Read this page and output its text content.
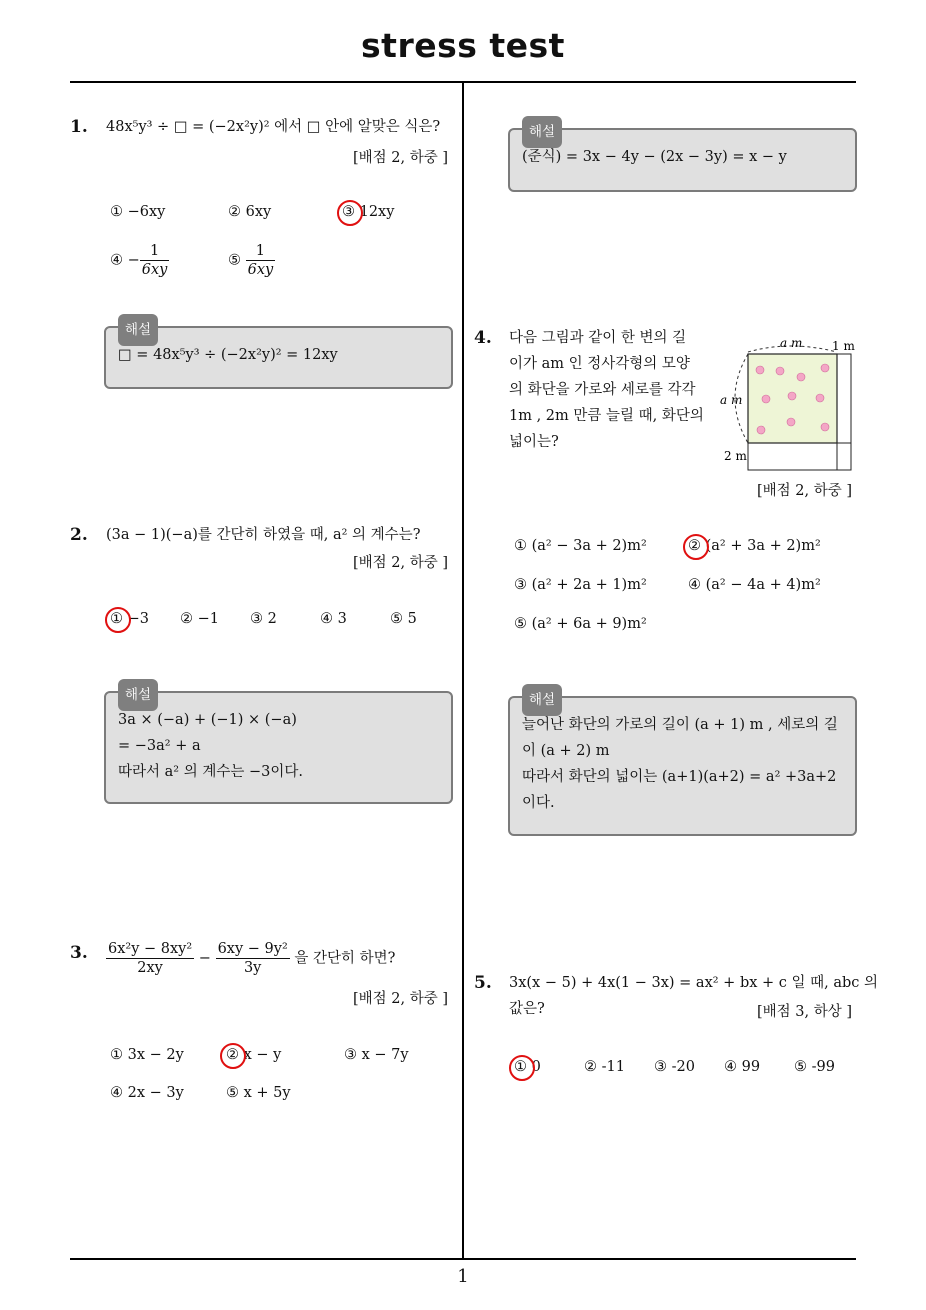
stress test
1
1. 48x⁵y³ ÷ □ = (−2x²y)² 에서 □ 안에 알맞은 식은?
[배점 2, 하중 ]
① −6xy	② 6xy	③ 12xy
④ − $\frac{1}{6xy}$	⑤ $\frac{1}{6xy}$
해설
□ = 48x⁵y³ ÷ (−2x²y)² = 12xy
2. (3a − 1)(−a)를 간단히 하였을 때, a² 의 계수는?
[배점 2, 하중 ]
① −3 ② −1 ③ 2	④ 3	⑤ 5
해설
3a × (−a) + (−1) × (−a)
= −3a² + a
따라서 a² 의 계수는 −3이다.
3. $\frac{\text{6x²y − 8xy²}}{2xy} - \frac{\text{6xy − 9y²}}{3y}$ 을 간단히 하면?
[배점 2, 하중 ]
① 3x − 2y	② x − y	③ x − 7y
④ 2x − 3y	⑤ x + 5y
해설
(준식) = 3x − 4y − (2x − 3y) = x − y
4. 다음 그림과 같이 한 변의 길
이가 am 인 정사각형의 모양
의 화단을 가로와 세로를 각각
1m , 2m 만큼 늘릴 때, 화단의
넓이는?
a m 1 m
a m
2 m
[배점 2, 하중 ]
① (a² − 3a + 2)m²	② (a² + 3a + 2)m²
③ (a² + 2a + 1)m²	④ (a² − 4a + 4)m²
⑤ (a² + 6a + 9)m²
해설
늘어난 화단의 가로의 길이 (a + 1) m , 세로의 길
이 (a + 2) m
따라서 화단의 넓이는 (a+1)(a+2) = a² +3a+2
이다.
5. 3x(x − 5) + 4x(1 − 3x) = ax² + bx + c 일 때, abc 의
값은?	[배점 3, 하상 ]
① 0	② -11 ③ -20 ④ 99 ⑤ -99
